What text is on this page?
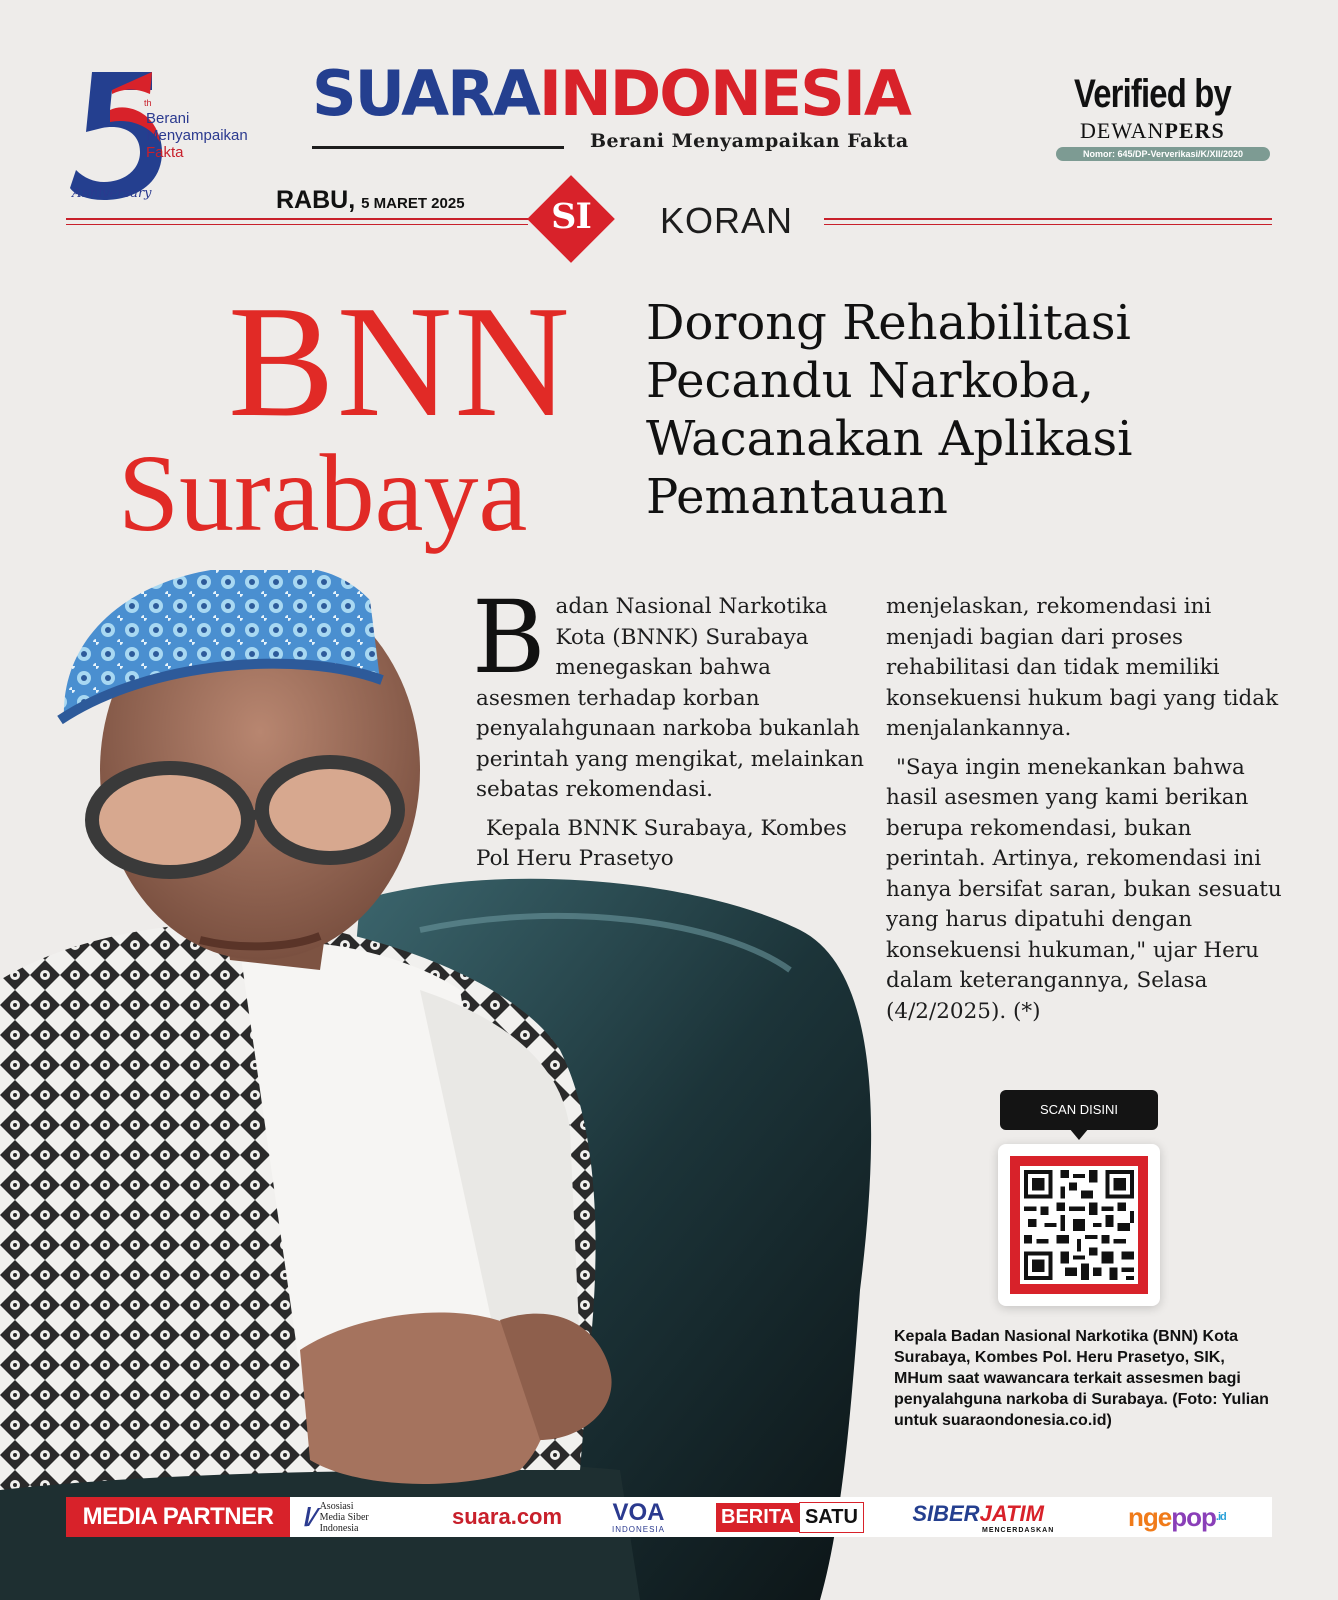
th
Berani
Menyampaikan
Fakta
Anniversary
SUARAINDONESIA
Berani Menyampaikan Fakta
Verified by
DEWANPERS
Nomor: 645/DP-Ververikasi/K/XII/2020
RABU, 5 MARET 2025	SI	KORAN
BNN
Surabaya
Dorong Rehabilitasi Pecandu Narkoba, Wacanakan Aplikasi Pemantauan

Badan Nasional Narkotika Kota (BNNK) Surabaya menegaskan bahwa asesmen terhadap korban penyalahgunaan narkoba bukanlah perintah yang mengikat, melainkan sebatas rekomendasi.

Kepala BNNK Surabaya, Kombes Pol Heru Prasetyo

menjelaskan, rekomendasi ini menjadi bagian dari proses rehabilitasi dan tidak memiliki konsekuensi hukum bagi yang tidak menjalankannya.

"Saya ingin menekankan bahwa hasil asesmen yang kami berikan berupa rekomendasi, bukan perintah. Artinya, rekomendasi ini hanya bersifat saran, bukan sesuatu yang harus dipatuhi dengan konsekuensi hukuman," ujar Heru dalam keterangannya, Selasa (4/2/2025). (*)

SCAN DISINI
Kepala Badan Nasional Narkotika (BNN) Kota Surabaya, Kombes Pol. Heru Prasetyo, SIK, MHum saat wawancara terkait assesmen bagi penyalahguna narkoba di Surabaya. (Foto: Yulian untuk suaraondonesia.co.id)
MEDIA PARTNER	/⁄ Asosiasi
Media Siber
Indonesia	suara.com VOA
INDONESIA
BERITA SATU SIBERJATIM
MENCERDASKAN	nge pop .id
